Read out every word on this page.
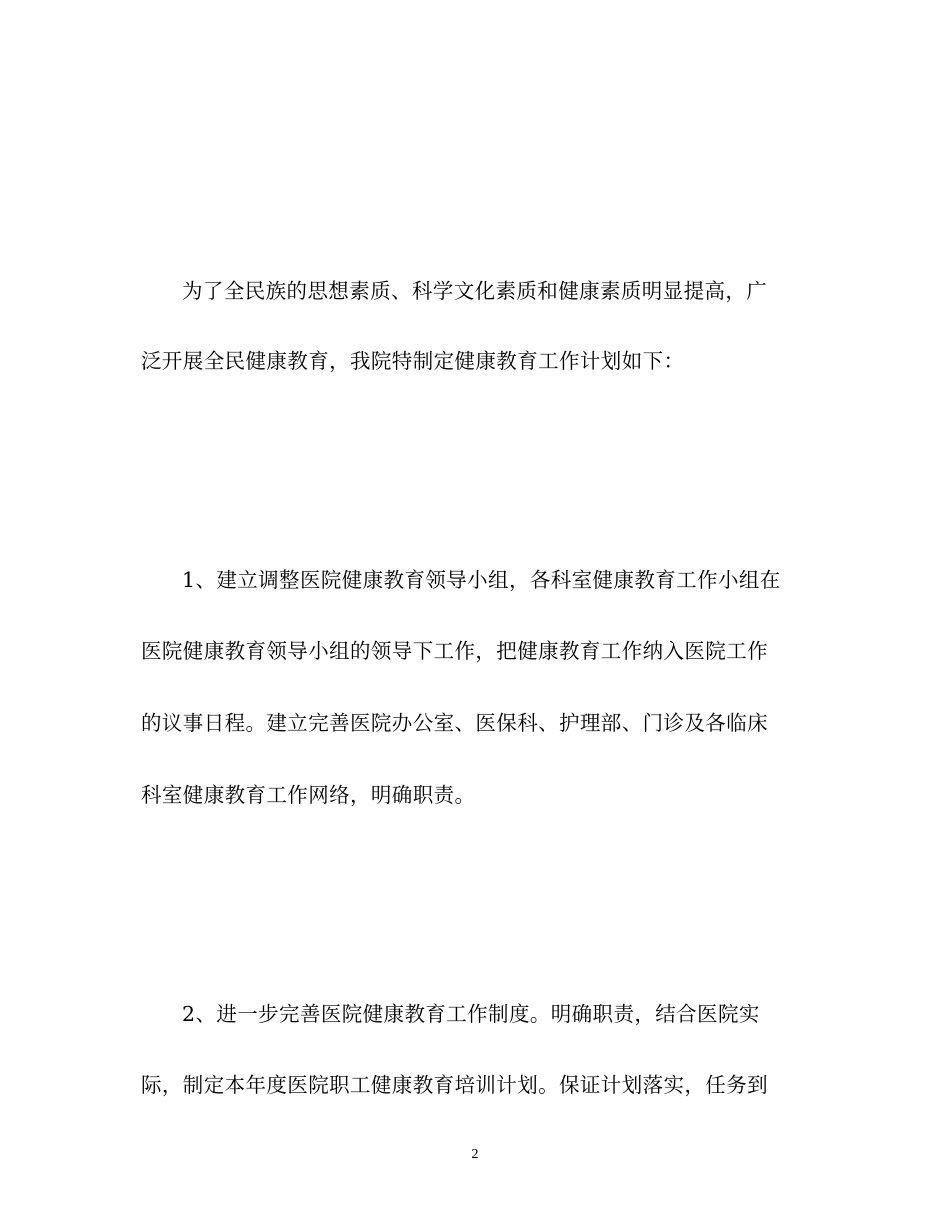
为了全民族的思想素质、科学文化素质和健康素质明显提高，广

泛开展全民健康教育，我院特制定健康教育工作计划如下：

1、建立调整医院健康教育领导小组，各科室健康教育工作小组在

医院健康教育领导小组的领导下工作，把健康教育工作纳入医院工作

的议事日程。建立完善医院办公室、医保科、护理部、门诊及各临床

科室健康教育工作网络，明确职责。

2、进一步完善医院健康教育工作制度。明确职责，结合医院实

际，制定本年度医院职工健康教育培训计划。保证计划落实，任务到

2
